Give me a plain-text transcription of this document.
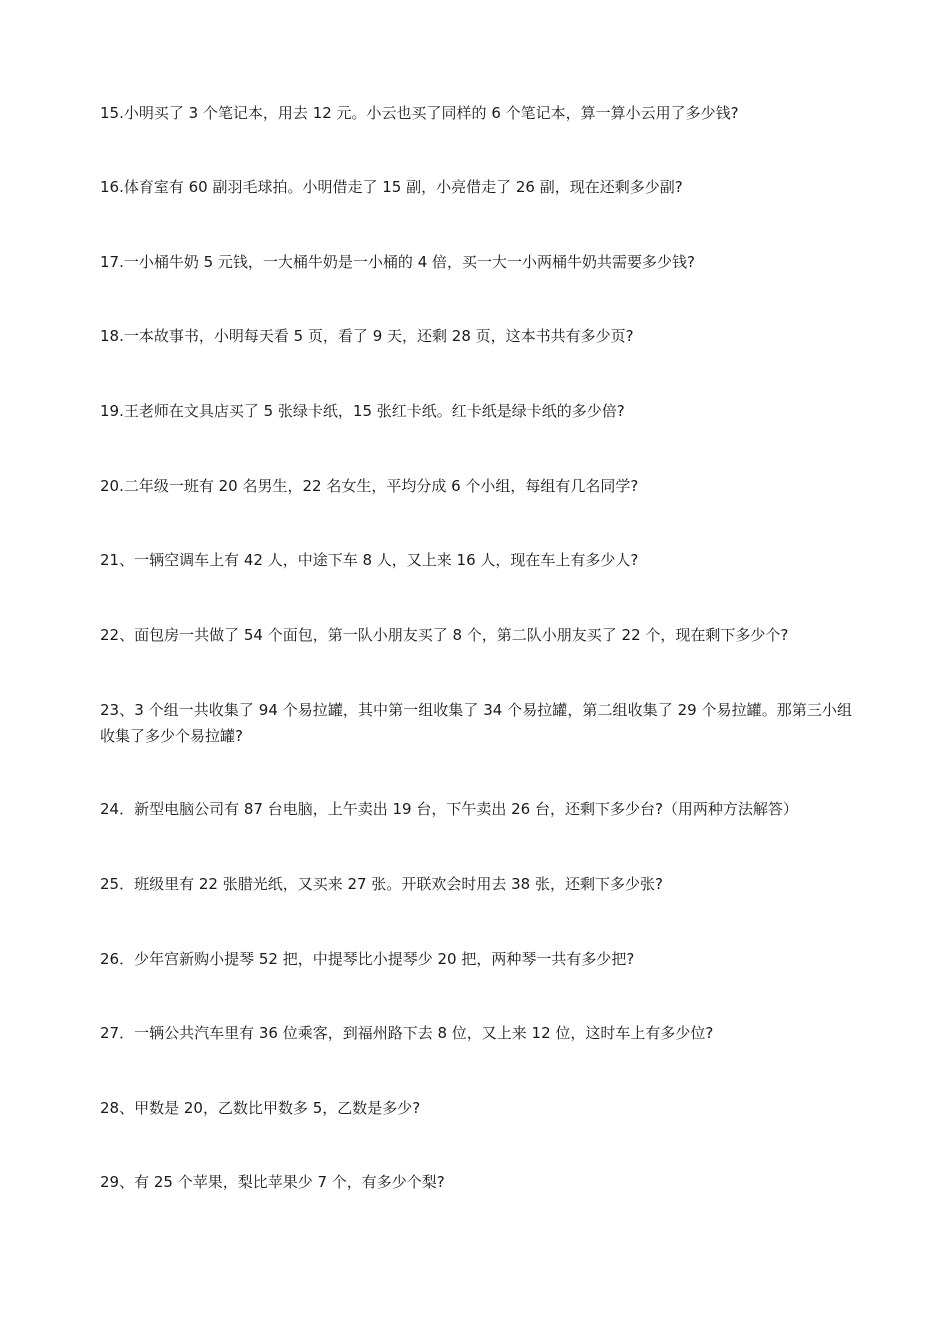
15.小明买了 3 个笔记本，用去 12 元。小云也买了同样的 6 个笔记本，算一算小云用了多少钱?
16.体育室有 60 副羽毛球拍。小明借走了 15 副，小亮借走了 26 副，现在还剩多少副?
17.一小桶牛奶 5 元钱，一大桶牛奶是一小桶的 4 倍，买一大一小两桶牛奶共需要多少钱?
18.一本故事书，小明每天看 5 页，看了 9 天，还剩 28 页，这本书共有多少页?
19.王老师在文具店买了 5 张绿卡纸，15 张红卡纸。红卡纸是绿卡纸的多少倍?
20.二年级一班有 20 名男生，22 名女生，平均分成 6 个小组，每组有几名同学?
21、一辆空调车上有 42 人，中途下车 8 人，又上来 16 人，现在车上有多少人?
22、面包房一共做了 54 个面包，第一队小朋友买了 8 个，第二队小朋友买了 22 个，现在剩下多少个?
23、3 个组一共收集了 94 个易拉罐，其中第一组收集了 34 个易拉罐，第二组收集了 29 个易拉罐。那第三小组收集了多少个易拉罐?
24．新型电脑公司有 87 台电脑，上午卖出 19 台，下午卖出 26 台，还剩下多少台?（用两种方法解答）
25．班级里有 22 张腊光纸，又买来 27 张。开联欢会时用去 38 张，还剩下多少张?
26．少年宫新购小提琴 52 把，中提琴比小提琴少 20 把，两种琴一共有多少把?
27．一辆公共汽车里有 36 位乘客，到福州路下去 8 位，又上来 12 位，这时车上有多少位?
28、甲数是 20，乙数比甲数多 5，乙数是多少?
29、有 25 个苹果，梨比苹果少 7 个，有多少个梨?
